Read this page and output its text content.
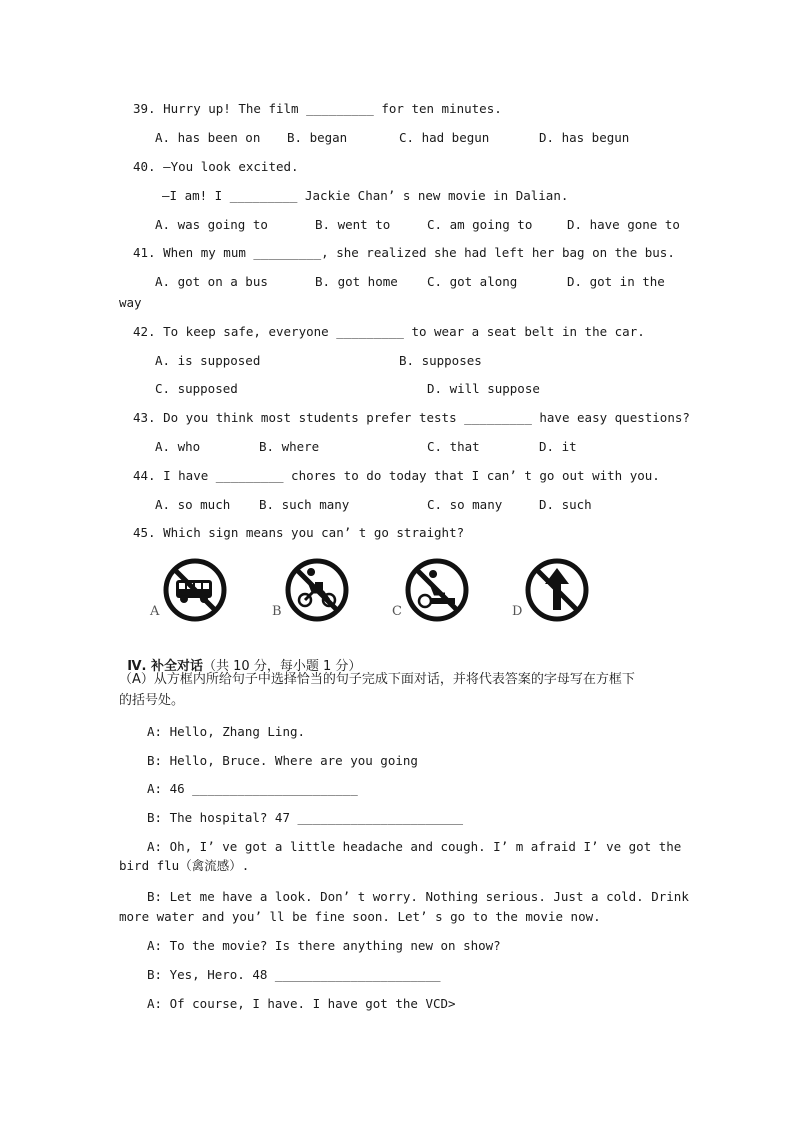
39. Hurry up! The film _________ for ten minutes.
A. has been on B. began	C. had begun	D. has begun
40. —You look excited.
—I am! I _________ Jackie Chan’ s new movie in Dalian.
A. was going to	B. went to	C. am going to	D. have gone to
41. When my mum _________, she realized she had left her bag on the bus.
A. got on a bus	B. got home C. got along	D. got in the
way
42. To keep safe, everyone _________ to wear a seat belt in the car.
A. is supposed	B. supposes
C. supposed	D. will suppose
43. Do you think most students prefer tests _________ have easy questions?
A. who	B. where	C. that	D. it
44. I have _________ chores to do today that I can’ t go out with you.
A. so much B. such many	C. so many	D. such
45. Which sign means you can’ t go straight?
A	B	C	D

Ⅳ. 补全对话（共 10 分，每小题 1 分）

（A）从方框内所给句子中选择恰当的句子完成下面对话，并将代表答案的字母写在方框下
的括号处。
A: Hello, Zhang Ling.
B: Hello, Bruce. Where are you going
A: 46 ______________________
B: The hospital? 47 ______________________
A: Oh, I’ ve got a little headache and cough. I’ m afraid I’ ve got the
bird flu（禽流感）.
B: Let me have a look. Don’ t worry. Nothing serious. Just a cold. Drink
more water and you’ ll be fine soon. Let’ s go to the movie now.
A: To the movie? Is there anything new on show?
B: Yes, Hero. 48 ______________________
A: Of course, I have. I have got the VCD>
